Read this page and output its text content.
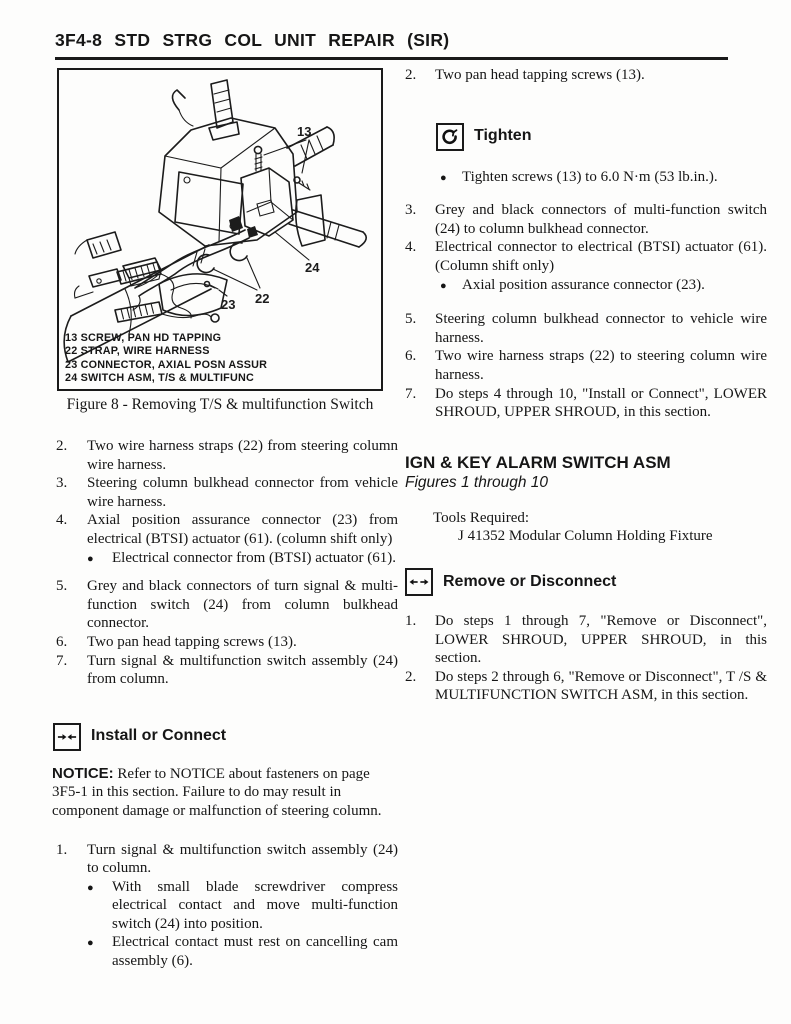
3F4-8 STD STRG COL UNIT REPAIR (SIR)
13
24
22
23
13 SCREW, PAN HD TAPPING
22 STRAP, WIRE HARNESS
23 CONNECTOR, AXIAL POSN ASSUR
24 SWITCH ASM, T/S & MULTIFUNC
Figure 8 - Removing T/S & multifunction Switch
2. Two wire harness straps (22) from steering column wire harness.
3. Steering column bulkhead connector from vehicle wire harness.
4. Axial position assurance connector (23) from electrical (BTSI) actuator (61). (column shift only)
● Electrical connector from (BTSI) actuator (61).
5. Grey and black connectors of turn signal & multi-function switch (24) from column bulkhead connector.
6. Two pan head tapping screws (13).
7. Turn signal & multifunction switch assembly (24) from column.
Install or Connect
NOTICE: Refer to NOTICE about fasteners on page 3F5-1 in this section. Failure to do may result in component damage or malfunction of steering column.
1. Turn signal & multifunction switch assembly (24) to column.
● With small blade screwdriver compress electrical contact and move multi-function switch (24) into position.
● Electrical contact must rest on cancelling cam assembly (6).
2. Two pan head tapping screws (13).
Tighten
● Tighten screws (13) to 6.0 N·m (53 lb.in.).
3. Grey and black connectors of multi-function switch (24) to column bulkhead connector.
4. Electrical connector to electrical (BTSI) actuator (61). (Column shift only)
● Axial position assurance connector (23).
5. Steering column bulkhead connector to vehicle wire harness.
6. Two wire harness straps (22) to steering column wire harness.
7. Do steps 4 through 10, "Install or Connect", LOWER SHROUD, UPPER SHROUD, in this section.
IGN & KEY ALARM SWITCH ASM
Figures 1 through 10
Tools Required:
J 41352 Modular Column Holding Fixture
Remove or Disconnect
1. Do steps 1 through 7, "Remove or Disconnect", LOWER SHROUD, UPPER SHROUD, in this section.
2. Do steps 2 through 6, "Remove or Disconnect", T /S & MULTIFUNCTION SWITCH ASM, in this section.
